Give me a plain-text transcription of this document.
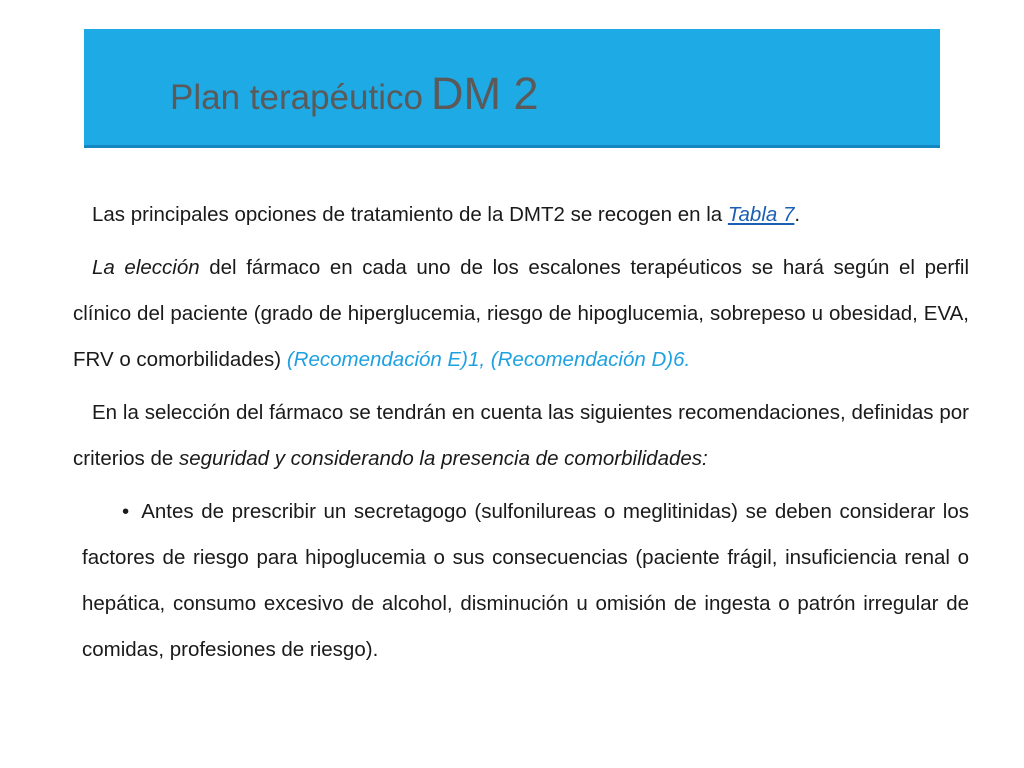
Plan terapéutico DM 2

Las principales opciones de tratamiento de la DMT2 se recogen en la Tabla 7.

La elección del fármaco en cada uno de los escalones terapéuticos se hará según el perfil clínico del paciente (grado de hiperglucemia, riesgo de hipoglucemia, sobrepeso u obesidad, EVA, FRV o comorbilidades) (Recomendación E)1, (Recomendación D)6.

En la selección del fármaco se tendrán en cuenta las siguientes recomendaciones, definidas por criterios de seguridad y considerando la presencia de comorbilidades:

• Antes de prescribir un secretagogo (sulfonilureas o meglitinidas) se deben considerar los factores de riesgo para hipoglucemia o sus consecuencias (paciente frágil, insuficiencia renal o hepática, consumo excesivo de alcohol, disminución u omisión de ingesta o patrón irregular de comidas, profesiones de riesgo).
